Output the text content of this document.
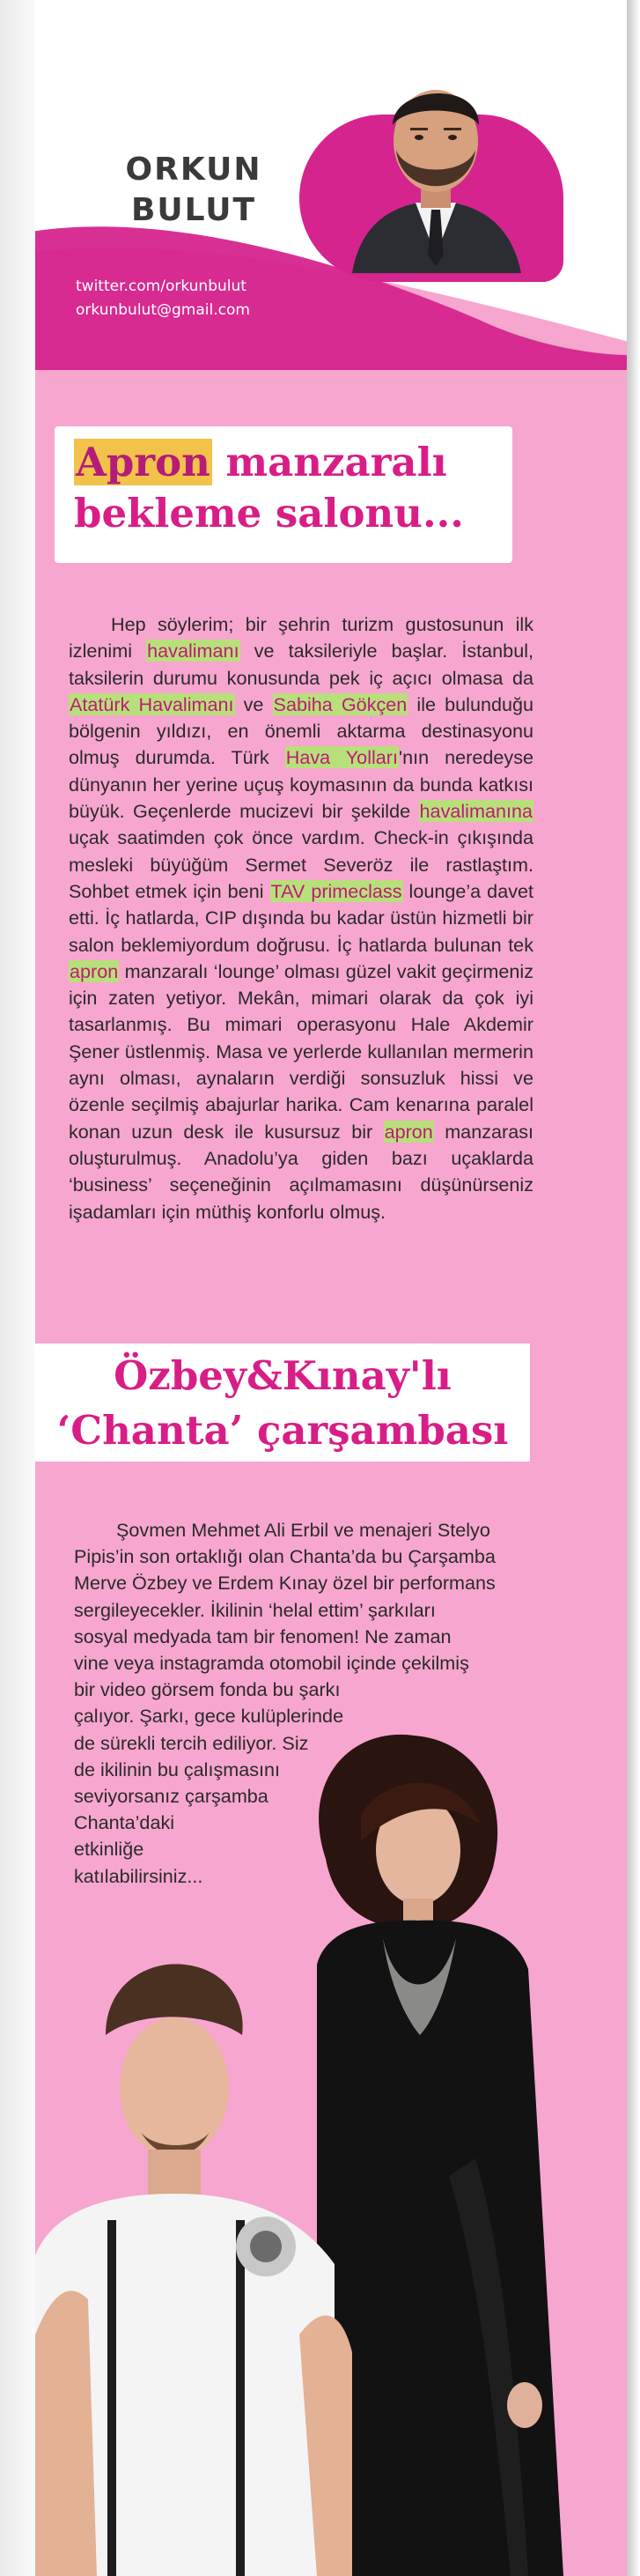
ORKUN
BULUT
twitter.com/orkunbulut
orkunbulut@gmail.com
Apron manzaralı
bekleme salonu...

Hep söylerim; bir şehrin turizm gustosunun ilk izlenimi havalimanı ve taksileriyle başlar. İstanbul, taksilerin durumu konusunda pek iç açıcı olmasa da Atatürk Havalimanı ve Sabiha Gökçen ile bulunduğu bölgenin yıldızı, en önemli aktarma destinasyonu olmuş durumda. Türk Hava Yolları'nın neredeyse dünyanın her yerine uçuş koymasının da bunda katkısı büyük. Geçenlerde mucizevi bir şekilde havalimanına uçak saatimden çok önce vardım. Check-in çıkışında mesleki büyüğüm Sermet Severöz ile rastlaştım. Sohbet etmek için beni TAV primeclass lounge’a davet etti. İç hatlarda, CIP dışında bu kadar üstün hizmetli bir salon beklemiyordum doğrusu. İç hatlarda bulunan tek apron manzaralı ‘lounge’ olması güzel vakit geçirmeniz için zaten yetiyor. Mekân, mimari olarak da çok iyi tasarlanmış. Bu mimari operasyonu Hale Akdemir Şener üstlenmiş. Masa ve yerlerde kullanılan mermerin aynı olması, aynaların verdiği sonsuzluk hissi ve özenle seçilmiş abajurlar harika. Cam kenarına paralel konan uzun desk ile kusursuz bir apron manzarası oluşturulmuş. Anadolu’ya giden bazı uçaklarda ‘business’ seçeneğinin açılmamasını düşünürseniz işadamları için müthiş konforlu olmuş.

Özbey&Kınay'lı
‘Chanta’ çarşambası
Şovmen Mehmet Ali Erbil ve menajeri Stelyo
Pipis’in son ortaklığı olan Chanta’da bu Çarşamba
Merve Özbey ve Erdem Kınay özel bir performans
sergileyecekler. İkilinin ‘helal ettim’ şarkıları
sosyal medyada tam bir fenomen! Ne zaman
vine veya instagramda otomobil içinde çekilmiş
bir video görsem fonda bu şarkı
çalıyor. Şarkı, gece kulüplerinde
de sürekli tercih ediliyor. Siz
de ikilinin bu çalışmasını
seviyorsanız çarşamba
Chanta’daki
etkinliğe
katılabilirsiniz...
